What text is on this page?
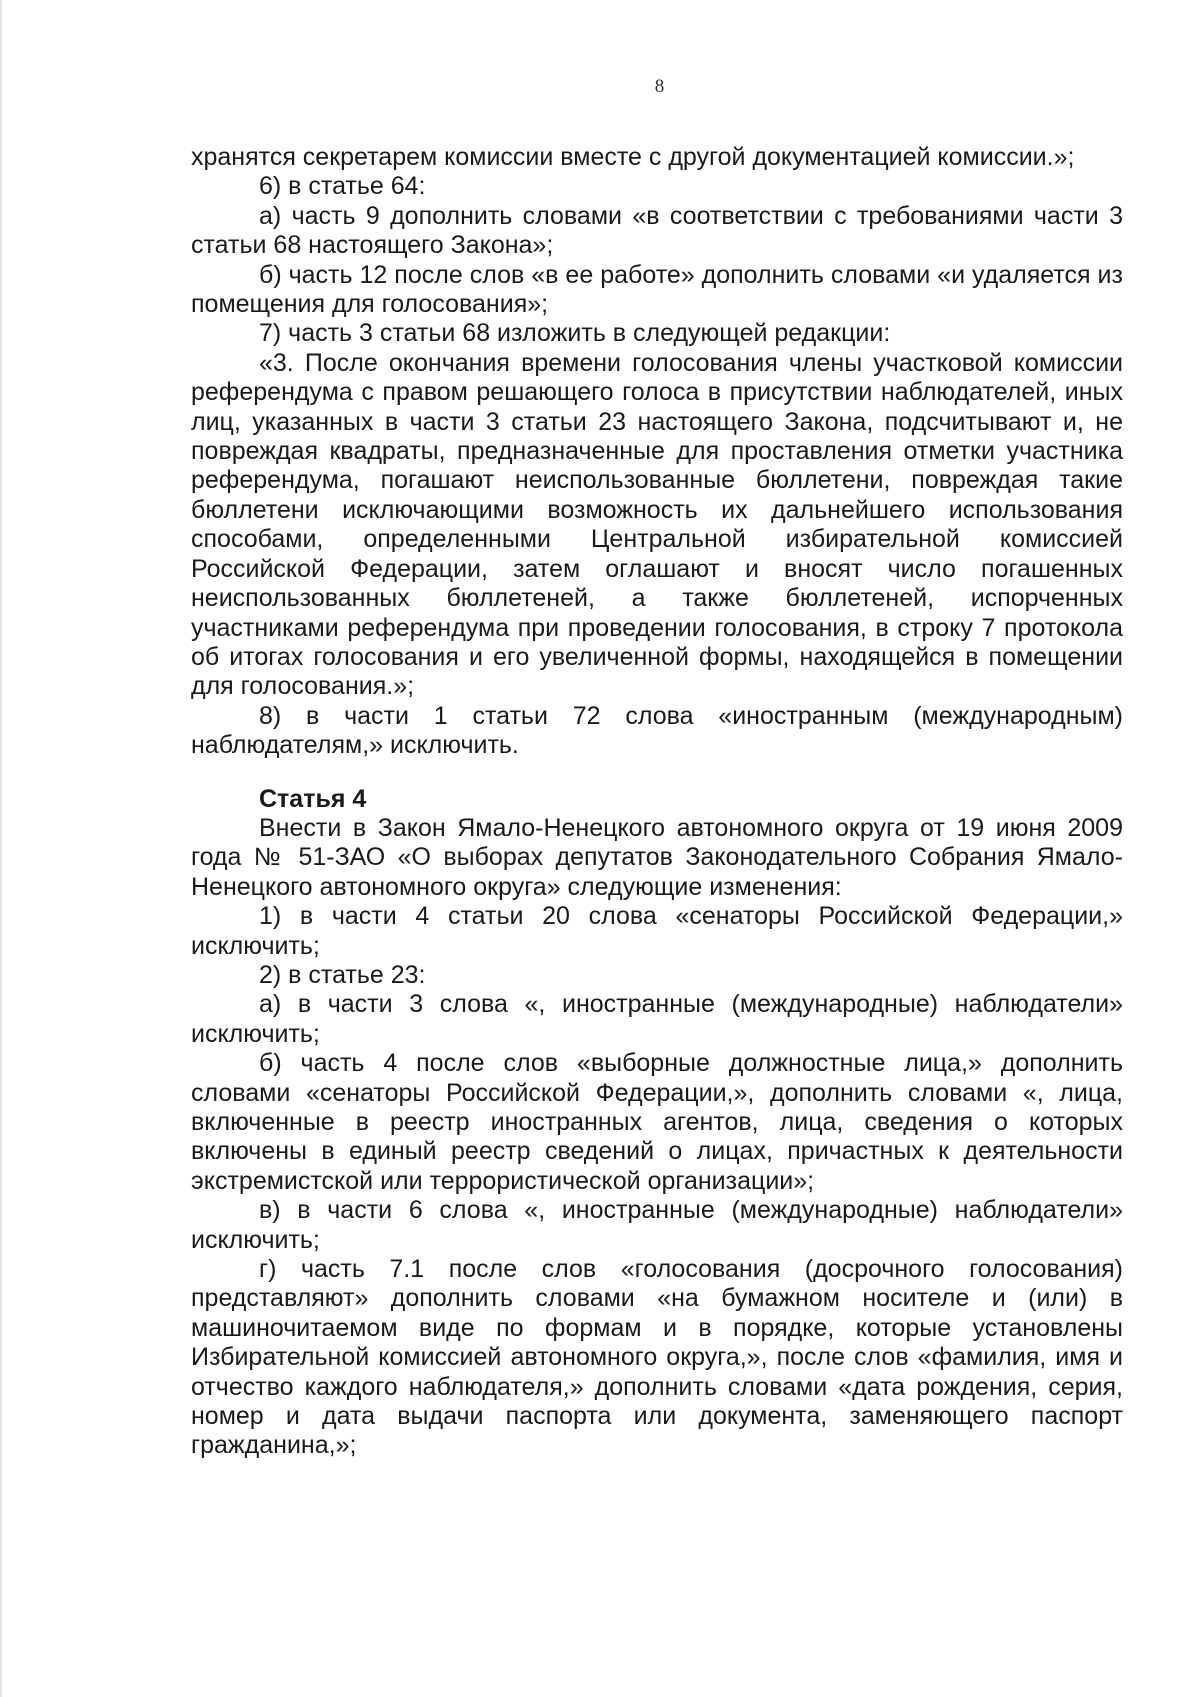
8

хранятся секретарем комиссии вместе с другой документацией комиссии.»;

6) в статье 64:

а) часть 9 дополнить словами «в соответствии с требованиями части 3 статьи 68 настоящего Закона»;

б) часть 12 после слов «в ее работе» дополнить словами «и удаляется из помещения для голосования»;

7) часть 3 статьи 68 изложить в следующей редакции:

«3. После окончания времени голосования члены участковой комиссии референдума с правом решающего голоса в присутствии наблюдателей, иных лиц, указанных в части 3 статьи 23 настоящего Закона, подсчитывают и, не повреждая квадраты, предназначенные для проставления отметки участника референдума, погашают неиспользованные бюллетени, повреждая такие бюллетени исключающими возможность их дальнейшего использования способами, определенными Центральной избирательной комиссией Российской Федерации, затем оглашают и вносят число погашенных неиспользованных бюллетеней, а также бюллетеней, испорченных участниками референдума при проведении голосования, в строку 7 протокола об итогах голосования и его увеличенной формы, находящейся в помещении для голосования.»;

8) в части 1 статьи 72 слова «иностранным (международным) наблюдателям,» исключить.

Статья 4

Внести в Закон Ямало-Ненецкого автономного округа от 19 июня 2009 года № 51-ЗАО «О выборах депутатов Законодательного Собрания Ямало-Ненецкого автономного округа» следующие изменения:

1) в части 4 статьи 20 слова «сенаторы Российской Федерации,» исключить;

2) в статье 23:

а) в части 3 слова «, иностранные (международные) наблюдатели» исключить;

б) часть 4 после слов «выборные должностные лица,» дополнить словами «сенаторы Российской Федерации,», дополнить словами «, лица, включенные в реестр иностранных агентов, лица, сведения о которых включены в единый реестр сведений о лицах, причастных к деятельности экстремистской или террористической организации»;

в) в части 6 слова «, иностранные (международные) наблюдатели» исключить;

г) часть 7.1 после слов «голосования (досрочного голосования) представляют» дополнить словами «на бумажном носителе и (или) в машиночитаемом виде по формам и в порядке, которые установлены Избирательной комиссией автономного округа,», после слов «фамилия, имя и отчество каждого наблюдателя,» дополнить словами «дата рождения, серия, номер и дата выдачи паспорта или документа, заменяющего паспорт гражданина,»;
